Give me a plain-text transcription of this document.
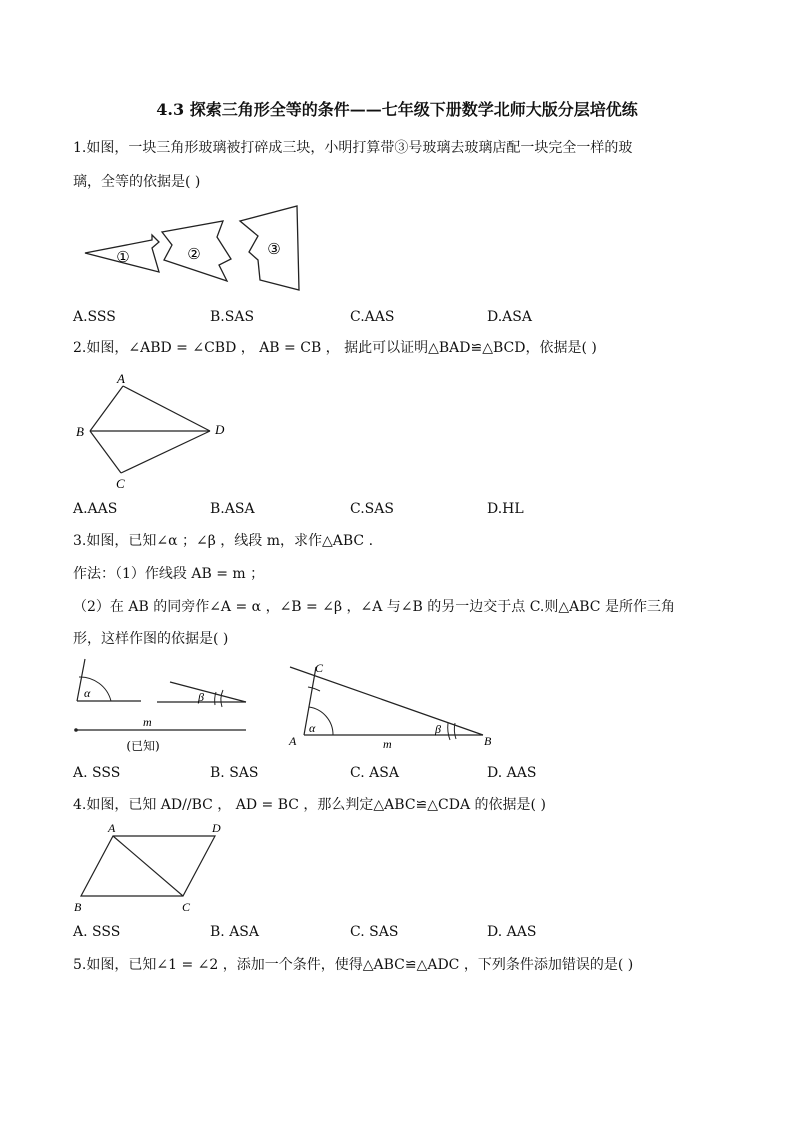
4.3 探索三角形全等的条件——七年级下册数学北师大版分层培优练
1.如图，一块三角形玻璃被打碎成三块，小明打算带③号玻璃去玻璃店配一块完全一样的玻
璃，全等的依据是( )
①	②	③
A.SSS	B.SAS	C.AAS	D.ASA
2.如图，∠ABD = ∠CBD ， AB = CB ， 据此可以证明△BAD≌△BCD，依据是( )
A
B
C
D
A.AAS	B.ASA	C.SAS	D.HL
3.如图，已知∠α ；∠β ，线段 m，求作△ABC .
作法：（1）作线段 AB = m ；
（2）在 AB 的同旁作∠A = α ，∠B = ∠β ，∠A 与∠B 的另一边交于点 C.则△ABC 是所作三角
形，这样作图的依据是( )
α	β
m
(已知)
C
A	B
α	β
m
A. SSS	B. SAS	C. ASA	D. AAS
4.如图，已知 AD//BC ， AD = BC ，那么判定△ABC≌△CDA 的依据是( )
A	D
B	C
A. SSS	B. ASA	C. SAS	D. AAS
5.如图，已知∠1 = ∠2 ，添加一个条件，使得△ABC≌△ADC ，下列条件添加错误的是( )
